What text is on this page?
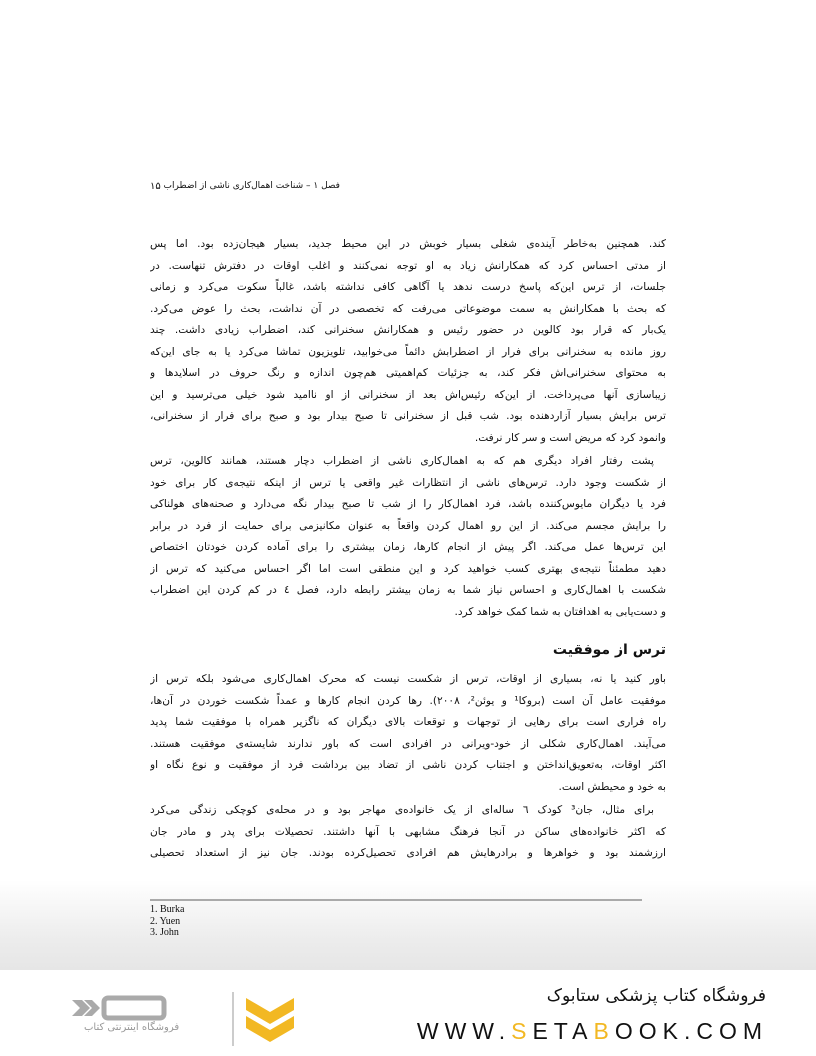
فصل ۱ – شناخت اهمال‌کاری ناشی از اضطراب
۱۵
کند. همچنین به‌خاطر آینده‌ی شغلی بسیار خوبش در این محیط جدید، بسیار هیجان‌زده بود. اما پس
از مدتی احساس کرد که همکارانش زیاد به او توجه نمی‌کنند و اغلب اوقات در دفترش تنهاست. در
جلسات، از ترس این‌که پاسخ درست ندهد یا آگاهی کافی نداشته باشد، غالباً سکوت می‌کرد و زمانی
که بحث با همکارانش به سمت موضوعاتی می‌رفت که تخصصی در آن نداشت، بحث را عوض می‌کرد.
یک‌بار که قرار بود کالوین در حضور رئیس و همکارانش سخنرانی کند، اضطراب زیادی داشت. چند
روز مانده به سخنرانی برای فرار از اضطرابش دائماً می‌خوابید، تلویزیون تماشا می‌کرد یا به جای این‌که
به محتوای سخنرانی‌اش فکر کند، به جزئیات کم‌اهمیتی هم‌چون اندازه و رنگ حروف در اسلایدها و
زیباسازی آنها می‌پرداخت. از این‌که رئیس‌اش بعد از سخنرانی از او ناامید شود خیلی می‌ترسید و این
ترس برایش بسیار آزاردهنده بود. شب قبل از سخنرانی تا صبح بیدار بود و صبح برای فرار از سخنرانی،
وانمود کرد که مریض است و سر کار نرفت.
پشت رفتار افراد دیگری هم که به اهمال‌کاری ناشی از اضطراب دچار هستند، همانند کالوین، ترس
از شکست وجود دارد. ترس‌های ناشی از انتظارات غیر واقعی یا ترس از اینکه نتیجه‌ی کار برای خود
فرد یا دیگران مایوس‌کننده باشد، فرد اهمال‌کار را از شب تا صبح بیدار نگه می‌دارد و صحنه‌های هولناکی
را برایش مجسم می‌کند. از این رو اهمال کردن واقعاً به عنوان مکانیزمی برای حمایت از فرد در برابر
این ترس‌ها عمل می‌کند. اگر پیش از انجام کارها، زمان بیشتری را برای آماده کردن خودتان اختصاص
دهید مطمئناً نتیجه‌ی بهتری کسب خواهید کرد و این منطقی است اما اگر احساس می‌کنید که ترس از
شکست با اهمال‌کاری و احساس نیاز شما به زمان بیشتر رابطه دارد، فصل ٤ در کم کردن این اضطراب
و دست‌یابی به اهدافتان به شما کمک خواهد کرد.
ترس از موفقیت
باور کنید یا نه، بسیاری از اوقات، ترس از شکست نیست که محرک اهمال‌کاری می‌شود بلکه ترس از
موفقیت عامل آن است (بروکا¹ و یوئن²، ۲۰۰۸). رها کردن انجام کارها و عمداً شکست خوردن در آن‌ها،
راه فراری است برای رهایی از توجهات و توقعات بالای دیگران که ناگزیر همراه با موفقیت شما پدید
می‌آیند. اهمال‌کاری شکلی از خود-ویرانی در افرادی است که باور ندارند شایسته‌ی موفقیت هستند.
اکثر اوقات، به‌تعویق‌انداختن و اجتناب کردن ناشی از تضاد بین برداشت فرد از موفقیت و نوع نگاه او
به خود و محیطش است.
برای مثال، جان³ کودک ٦ ساله‌ای از یک خانواده‌ی مهاجر بود و در محله‌ی کوچکی زندگی می‌کرد
که اکثر خانواده‌های ساکن در آنجا فرهنگ مشابهی با آنها داشتند. تحصیلات برای پدر و مادر جان
ارزشمند بود و خواهرها و برادرهایش هم افرادی تحصیل‌کرده بودند. جان نیز از استعداد تحصیلی
1. Burka
2. Yuen
3. John
فروشگاه اینترنتی کتاب
فروشگاه کتاب پزشکی ستابوک
WWW.SETABOOK.COM
